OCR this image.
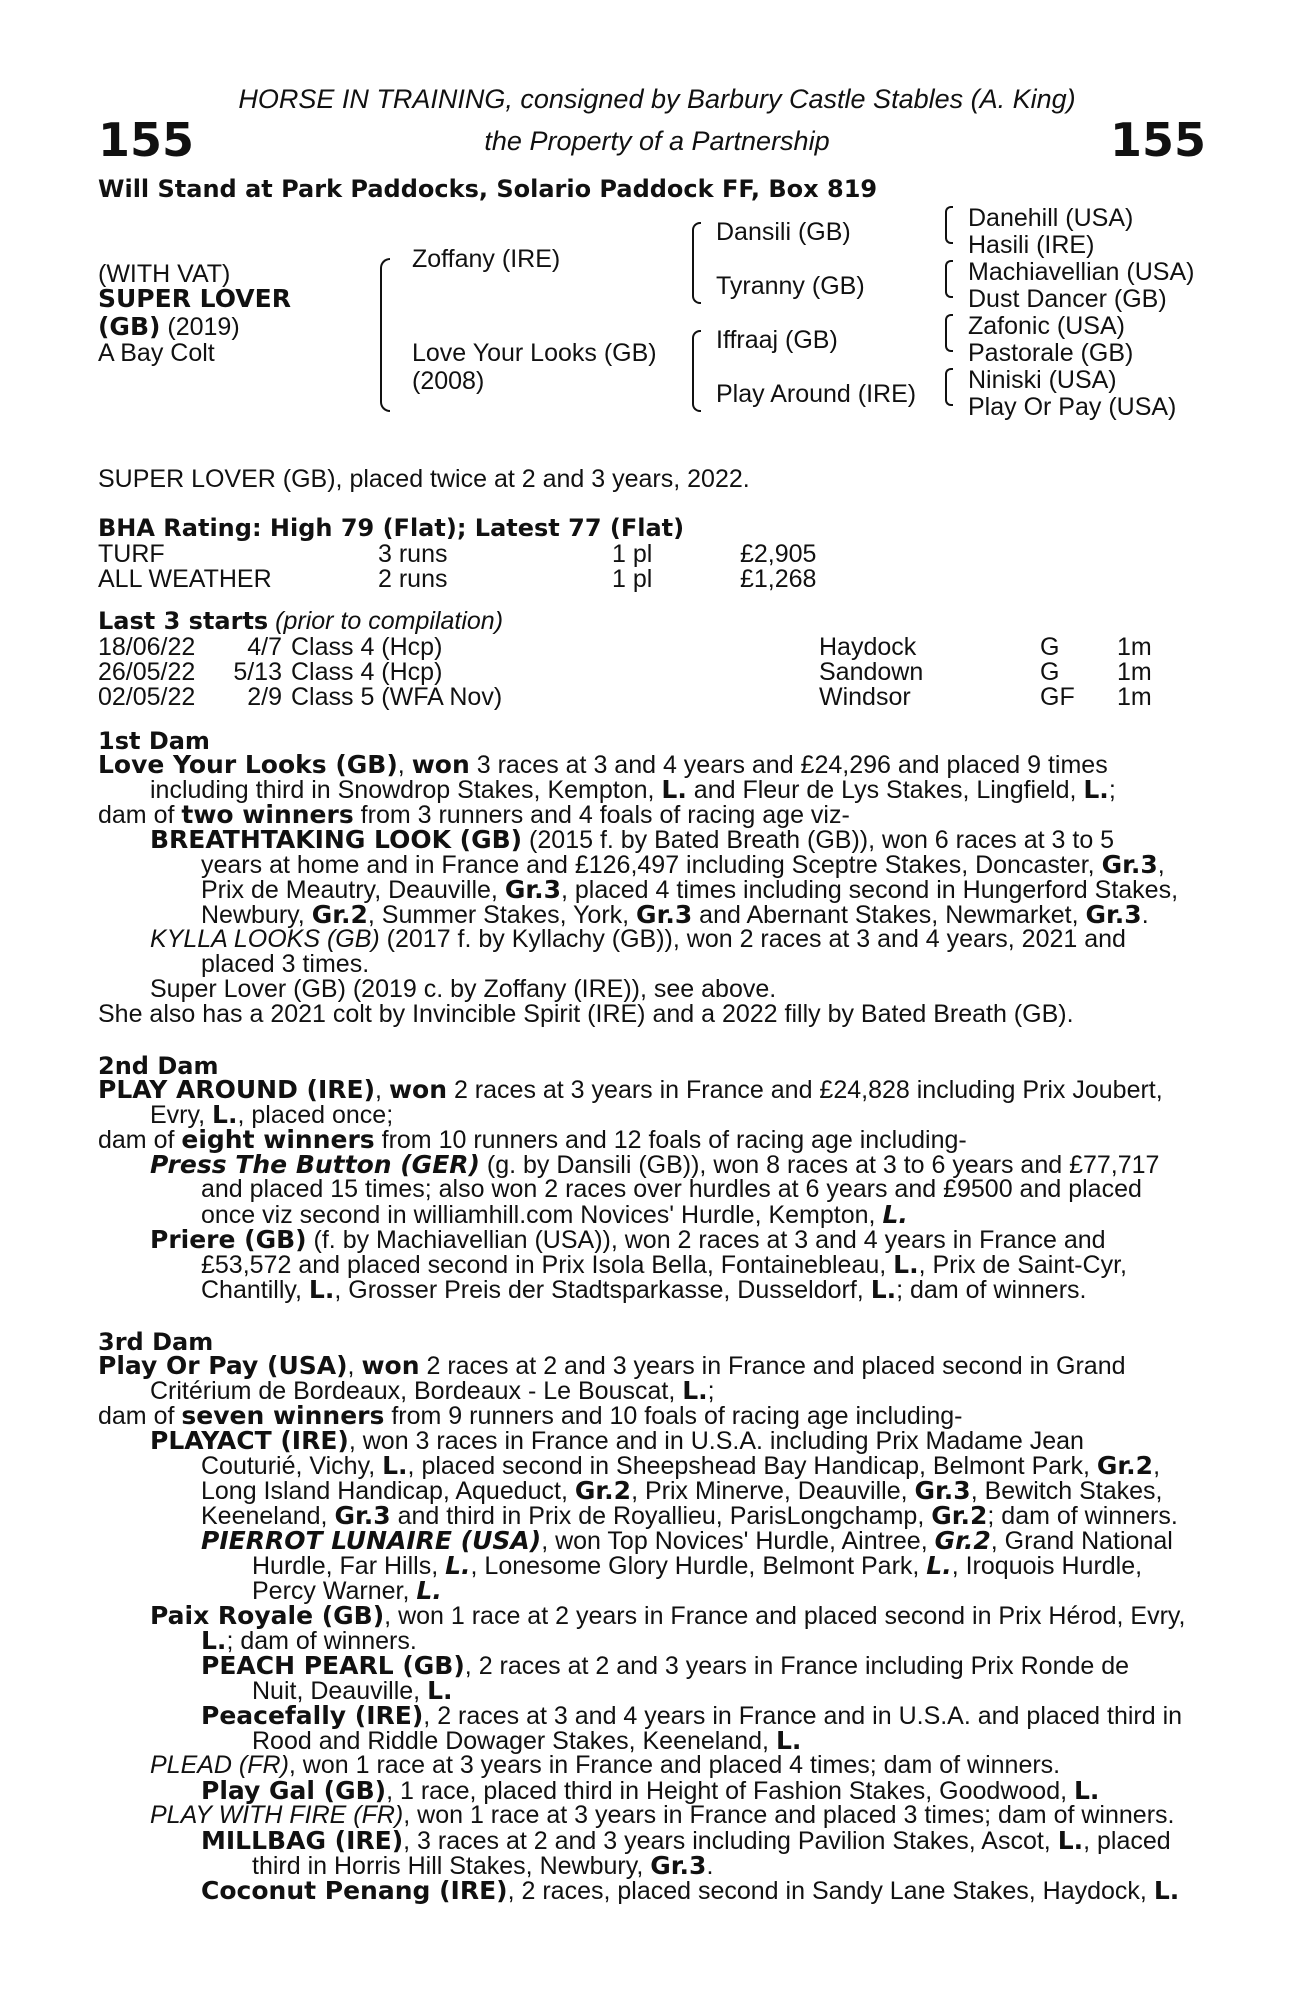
155	155
HORSE IN TRAINING, consigned by Barbury Castle Stables (A. King)
the Property of a Partnership
Will Stand at Park Paddocks, Solario Paddock FF, Box 819
(WITH VAT)
SUPER LOVER
(GB) (2019)
A Bay Colt
Zoffany (IRE)
Love Your Looks (GB)
(2008)
Dansili (GB)
Tyranny (GB)
Iffraaj (GB)
Play Around (IRE)
Danehill (USA)
Hasili (IRE)
Machiavellian (USA)
Dust Dancer (GB)
Zafonic (USA)
Pastorale (GB)
Niniski (USA)
Play Or Pay (USA)
SUPER LOVER (GB), placed twice at 2 and 3 years, 2022.
BHA Rating: High 79 (Flat); Latest 77 (Flat)
TURF	3 runs	1 pl	£2,905
ALL WEATHER	2 runs	1 pl	£1,268
Last 3 starts (prior to compilation)
18/06/22	4/7 Class 4 (Hcp)	Haydock	G 1m
26/05/22	5/13 Class 4 (Hcp)	Sandown	G 1m
02/05/22	2/9 Class 5 (WFA Nov)	Windsor	GF 1m
1st Dam
Love Your Looks (GB), won 3 races at 3 and 4 years and £24,296 and placed 9 times
including third in Snowdrop Stakes, Kempton, L. and Fleur de Lys Stakes, Lingfield, L.;
dam of two winners from 3 runners and 4 foals of racing age viz-
BREATHTAKING LOOK (GB) (2015 f. by Bated Breath (GB)), won 6 races at 3 to 5
years at home and in France and £126,497 including Sceptre Stakes, Doncaster, Gr.3,
Prix de Meautry, Deauville, Gr.3, placed 4 times including second in Hungerford Stakes,
Newbury, Gr.2, Summer Stakes, York, Gr.3 and Abernant Stakes, Newmarket, Gr.3.
KYLLA LOOKS (GB) (2017 f. by Kyllachy (GB)), won 2 races at 3 and 4 years, 2021 and
placed 3 times.
Super Lover (GB) (2019 c. by Zoffany (IRE)), see above.
She also has a 2021 colt by Invincible Spirit (IRE) and a 2022 filly by Bated Breath (GB).
2nd Dam
PLAY AROUND (IRE), won 2 races at 3 years in France and £24,828 including Prix Joubert,
Evry, L., placed once;
dam of eight winners from 10 runners and 12 foals of racing age including-
Press The Button (GER) (g. by Dansili (GB)), won 8 races at 3 to 6 years and £77,717
and placed 15 times; also won 2 races over hurdles at 6 years and £9500 and placed
once viz second in williamhill.com Novices' Hurdle, Kempton, L.
Priere (GB) (f. by Machiavellian (USA)), won 2 races at 3 and 4 years in France and
£53,572 and placed second in Prix Isola Bella, Fontainebleau, L., Prix de Saint-Cyr,
Chantilly, L., Grosser Preis der Stadtsparkasse, Dusseldorf, L.; dam of winners.
3rd Dam
Play Or Pay (USA), won 2 races at 2 and 3 years in France and placed second in Grand
Critérium de Bordeaux, Bordeaux - Le Bouscat, L.;
dam of seven winners from 9 runners and 10 foals of racing age including-
PLAYACT (IRE), won 3 races in France and in U.S.A. including Prix Madame Jean
Couturié, Vichy, L., placed second in Sheepshead Bay Handicap, Belmont Park, Gr.2,
Long Island Handicap, Aqueduct, Gr.2, Prix Minerve, Deauville, Gr.3, Bewitch Stakes,
Keeneland, Gr.3 and third in Prix de Royallieu, ParisLongchamp, Gr.2; dam of winners.
PIERROT LUNAIRE (USA), won Top Novices' Hurdle, Aintree, Gr.2, Grand National
Hurdle, Far Hills, L., Lonesome Glory Hurdle, Belmont Park, L., Iroquois Hurdle,
Percy Warner, L.
Paix Royale (GB), won 1 race at 2 years in France and placed second in Prix Hérod, Evry,
L.; dam of winners.
PEACH PEARL (GB), 2 races at 2 and 3 years in France including Prix Ronde de
Nuit, Deauville, L.
Peacefally (IRE), 2 races at 3 and 4 years in France and in U.S.A. and placed third in
Rood and Riddle Dowager Stakes, Keeneland, L.
PLEAD (FR), won 1 race at 3 years in France and placed 4 times; dam of winners.
Play Gal (GB), 1 race, placed third in Height of Fashion Stakes, Goodwood, L.
PLAY WITH FIRE (FR), won 1 race at 3 years in France and placed 3 times; dam of winners.
MILLBAG (IRE), 3 races at 2 and 3 years including Pavilion Stakes, Ascot, L., placed
third in Horris Hill Stakes, Newbury, Gr.3.
Coconut Penang (IRE), 2 races, placed second in Sandy Lane Stakes, Haydock, L.
